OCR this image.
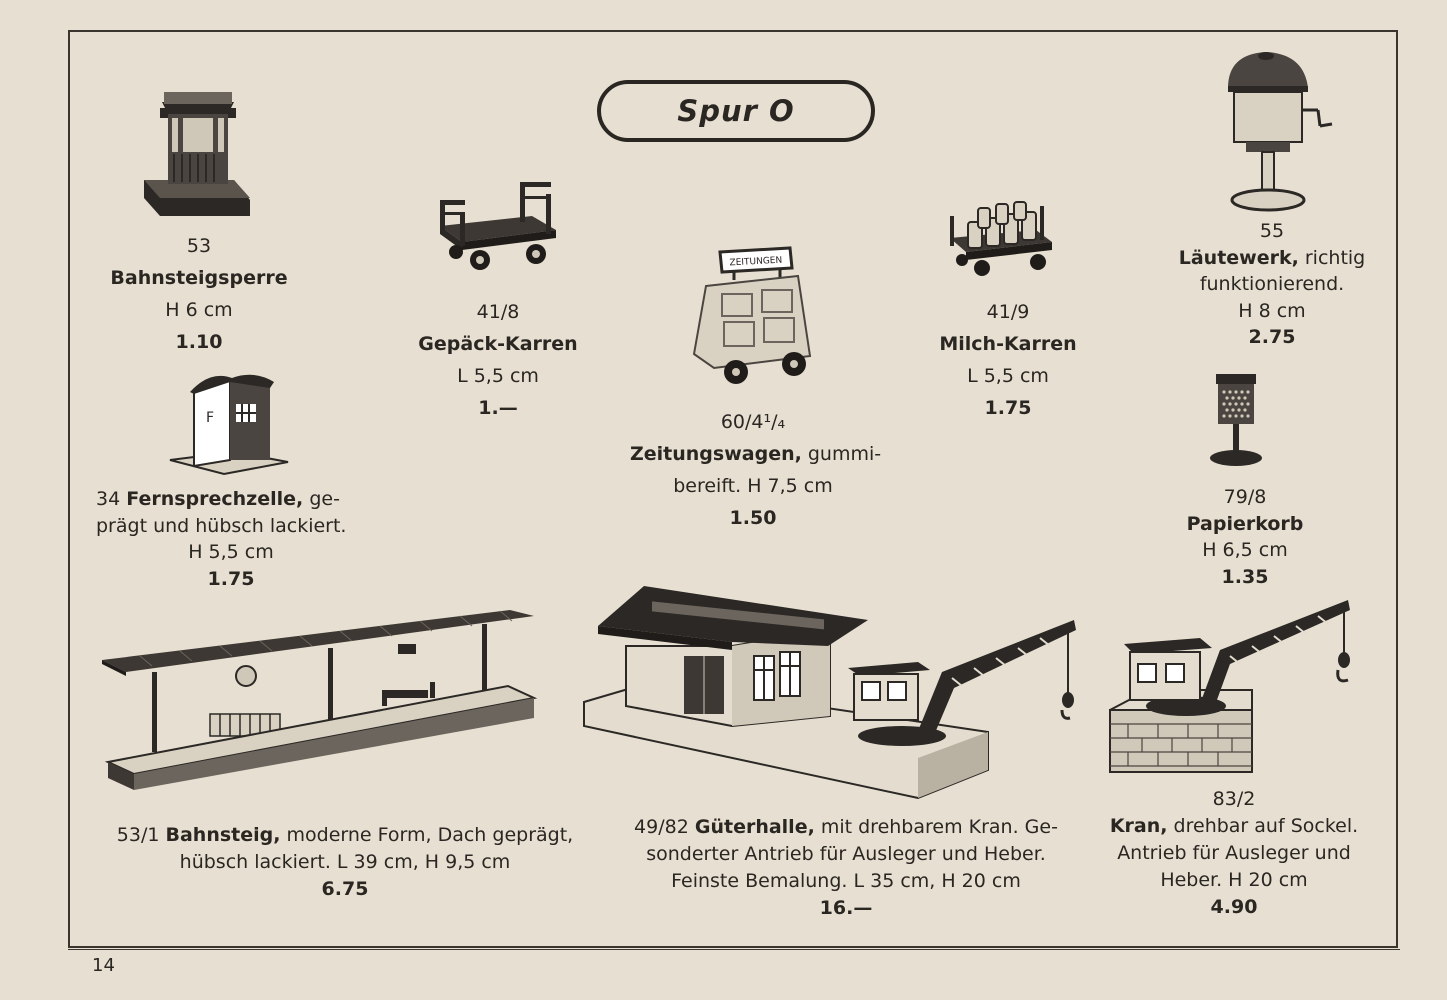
14
Spur O
ZEITUNGEN
F
53
Bahnsteigsperre
H 6 cm
1.10
41/8
Gepäck-Karren
L 5,5 cm
1.—
60/4¹/₄
Zeitungswagen, gummi-
bereift. H 7,5 cm
1.50
41/9
Milch-Karren
L 5,5 cm
1.75
55
Läutewerk, richtig
funktionierend.
H 8 cm
2.75
34 Fernsprechzelle, ge-
prägt und hübsch lackiert.
H 5,5 cm
1.75
79/8
Papierkorb
H 6,5 cm
1.35
53/1 Bahnsteig, moderne Form, Dach geprägt,
hübsch lackiert. L 39 cm, H 9,5 cm
6.75
49/82 Güterhalle, mit drehbarem Kran. Ge-
sonderter Antrieb für Ausleger und Heber.
Feinste Bemalung. L 35 cm, H 20 cm
16.—
83/2
Kran, drehbar auf Sockel.
Antrieb für Ausleger und
Heber. H 20 cm
4.90
